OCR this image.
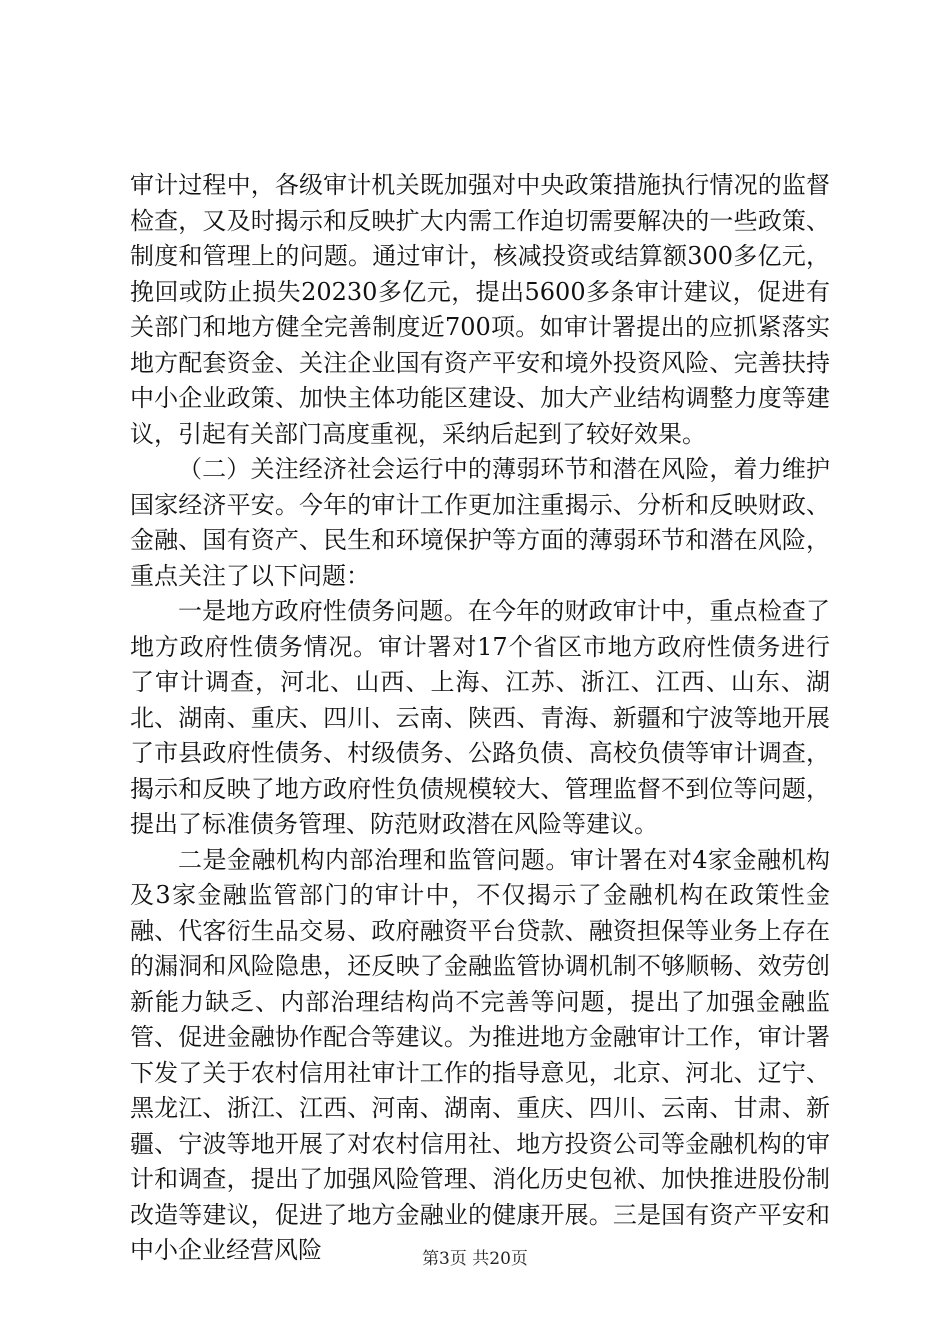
审计过程中，各级审计机关既加强对中央政策措施执行情况的监督检查，又及时揭示和反映扩大内需工作迫切需要解决的一些政策、制度和管理上的问题。通过审计，核减投资或结算额300多亿元，挽回或防止损失20230多亿元，提出5600多条审计建议，促进有关部门和地方健全完善制度近700项。如审计署提出的应抓紧落实地方配套资金、关注企业国有资产平安和境外投资风险、完善扶持中小企业政策、加快主体功能区建设、加大产业结构调整力度等建议，引起有关部门高度重视，采纳后起到了较好效果。

（二）关注经济社会运行中的薄弱环节和潜在风险，着力维护国家经济平安。今年的审计工作更加注重揭示、分析和反映财政、金融、国有资产、民生和环境保护等方面的薄弱环节和潜在风险，重点关注了以下问题：

一是地方政府性债务问题。在今年的财政审计中，重点检查了地方政府性债务情况。审计署对17个省区市地方政府性债务进行了审计调查，河北、山西、上海、江苏、浙江、江西、山东、湖北、湖南、重庆、四川、云南、陕西、青海、新疆和宁波等地开展了市县政府性债务、村级债务、公路负债、高校负债等审计调查，揭示和反映了地方政府性负债规模较大、管理监督不到位等问题，提出了标准债务管理、防范财政潜在风险等建议。

二是金融机构内部治理和监管问题。审计署在对4家金融机构及3家金融监管部门的审计中，不仅揭示了金融机构在政策性金融、代客衍生品交易、政府融资平台贷款、融资担保等业务上存在的漏洞和风险隐患，还反映了金融监管协调机制不够顺畅、效劳创新能力缺乏、内部治理结构尚不完善等问题，提出了加强金融监管、促进金融协作配合等建议。为推进地方金融审计工作，审计署下发了关于农村信用社审计工作的指导意见，北京、河北、辽宁、黑龙江、浙江、江西、河南、湖南、重庆、四川、云南、甘肃、新疆、宁波等地开展了对农村信用社、地方投资公司等金融机构的审计和调查，提出了加强风险管理、消化历史包袱、加快推进股份制改造等建议，促进了地方金融业的健康开展。三是国有资产平安和中小企业经营风险	第3页 共20页
